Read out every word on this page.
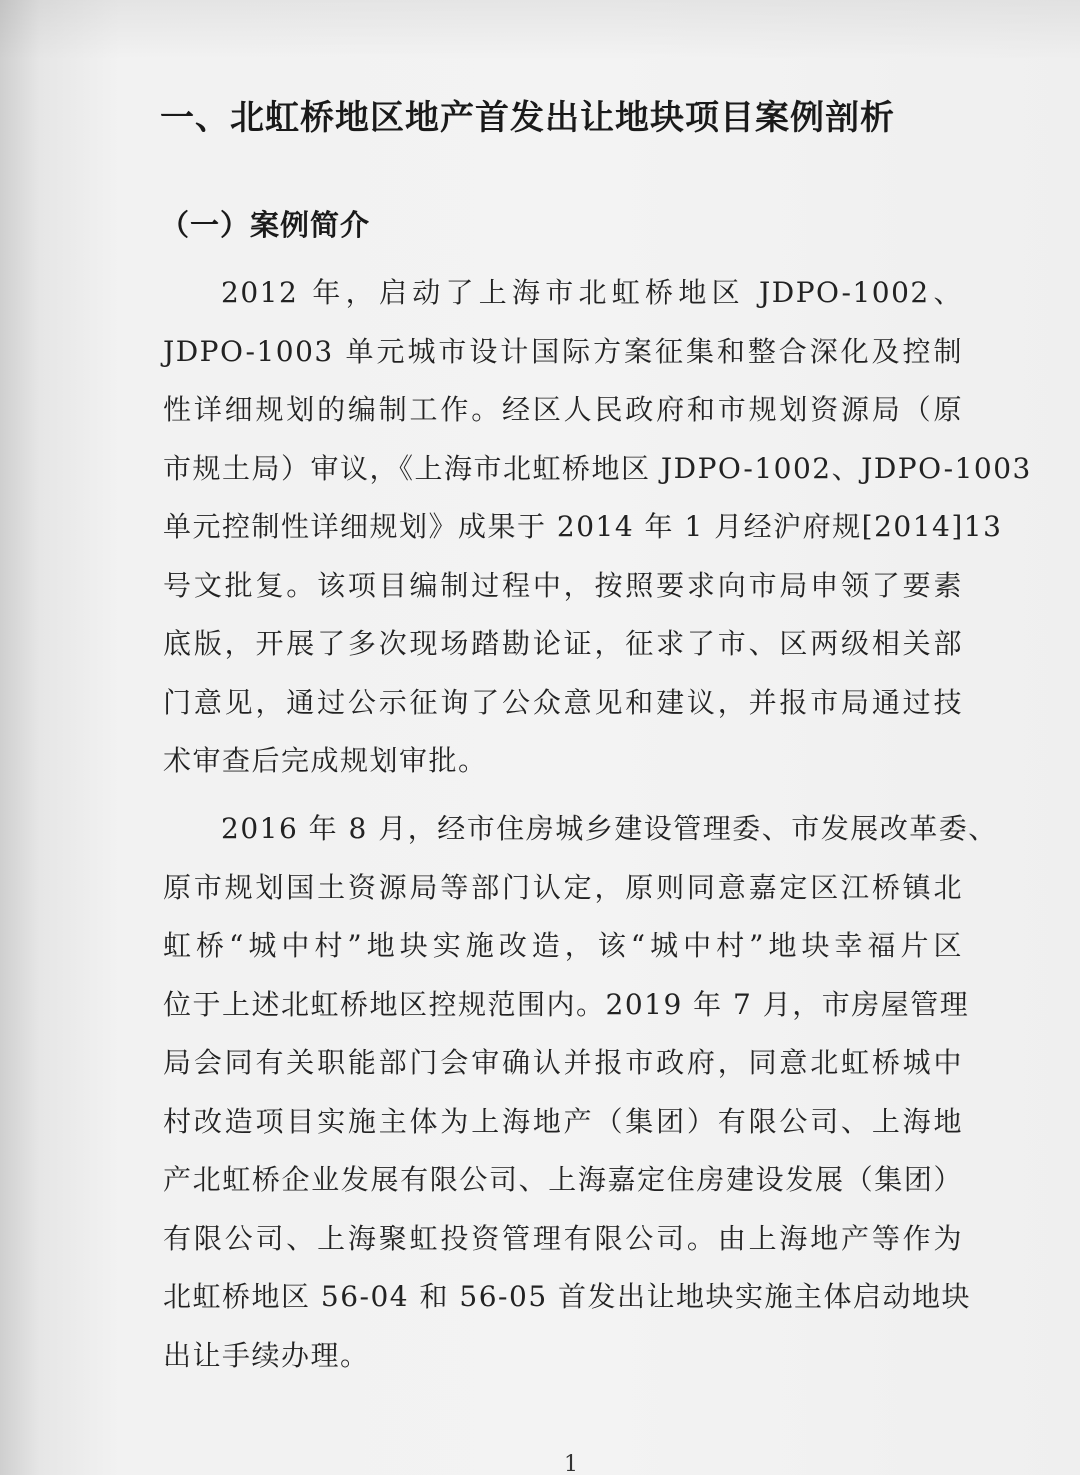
一、北虹桥地区地产首发出让地块项目案例剖析
（一）案例简介
2012 年，启动了上海市北虹桥地区 JDPO-1002、
JDPO-1003 单元城市设计国际方案征集和整合深化及控制
性详细规划的编制工作。经区人民政府和市规划资源局（原
市规土局）审议，《上海市北虹桥地区 JDPO-1002、JDPO-1003
单元控制性详细规划》成果于 2014 年 1 月经沪府规[2014]13
号文批复。该项目编制过程中，按照要求向市局申领了要素
底版，开展了多次现场踏勘论证，征求了市、区两级相关部
门意见，通过公示征询了公众意见和建议，并报市局通过技
术审查后完成规划审批。
2016 年 8 月，经市住房城乡建设管理委、市发展改革委、
原市规划国土资源局等部门认定，原则同意嘉定区江桥镇北
虹桥“城中村”地块实施改造，该“城中村”地块幸福片区
位于上述北虹桥地区控规范围内。2019 年 7 月，市房屋管理
局会同有关职能部门会审确认并报市政府，同意北虹桥城中
村改造项目实施主体为上海地产（集团）有限公司、上海地
产北虹桥企业发展有限公司、上海嘉定住房建设发展（集团）
有限公司、上海聚虹投资管理有限公司。由上海地产等作为
北虹桥地区 56-04 和 56-05 首发出让地块实施主体启动地块
出让手续办理。
1
